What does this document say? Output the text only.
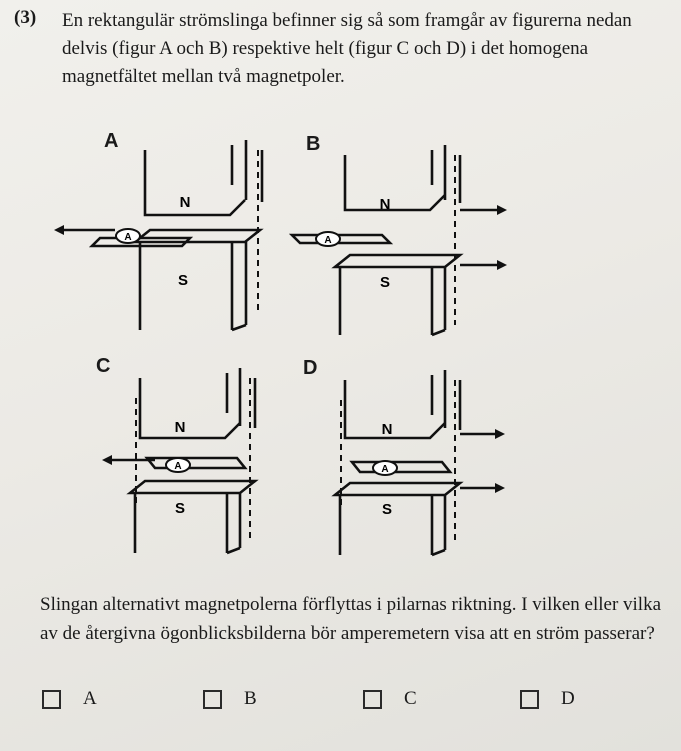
(3) En rektangulär strömslinga befinner sig så som framgår av figurerna nedan delvis (figur A och B) respektive helt (figur C och D) i det homogena magnetfältet mellan två magnetpoler.

A
N
S
A
B
N
S
A
C
N
S
A
D
N
S
A

Slingan alternativt magnetpolerna förflyttas i pilarnas riktning. I vilken eller vilka av de återgivna ögonblicksbilderna bör amperemetern visa att en ström passerar?

A	B	C	D
